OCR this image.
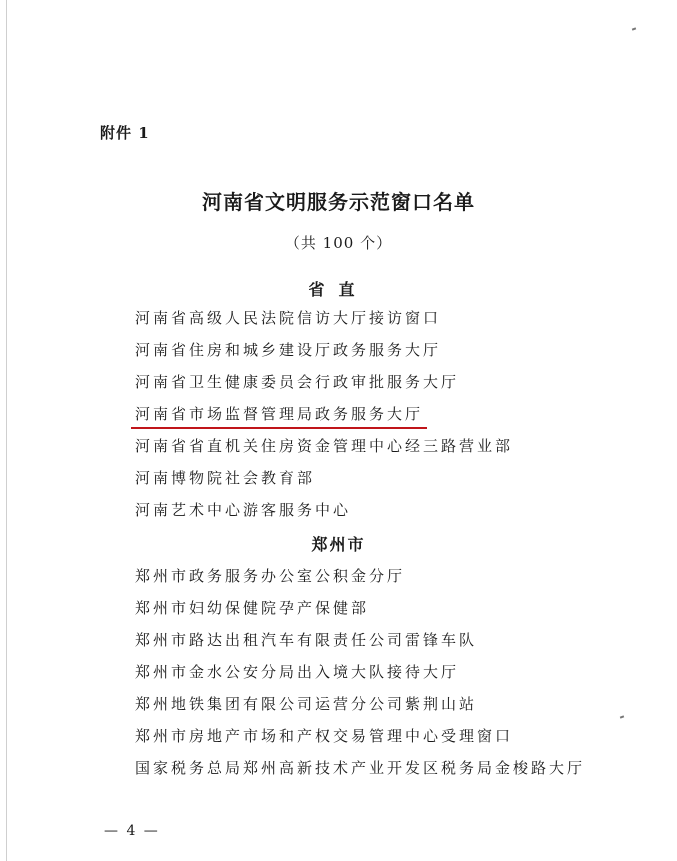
附件 1
河南省文明服务示范窗口名单
（共 100 个）
省直
河南省高级人民法院信访大厅接访窗口
河南省住房和城乡建设厅政务服务大厅
河南省卫生健康委员会行政审批服务大厅
河南省市场监督管理局政务服务大厅
河南省省直机关住房资金管理中心经三路营业部
河南博物院社会教育部
河南艺术中心游客服务中心
郑州市
郑州市政务服务办公室公积金分厅
郑州市妇幼保健院孕产保健部
郑州市路达出租汽车有限责任公司雷锋车队
郑州市金水公安分局出入境大队接待大厅
郑州地铁集团有限公司运营分公司紫荆山站
郑州市房地产市场和产权交易管理中心受理窗口
国家税务总局郑州高新技术产业开发区税务局金梭路大厅
— 4 —
